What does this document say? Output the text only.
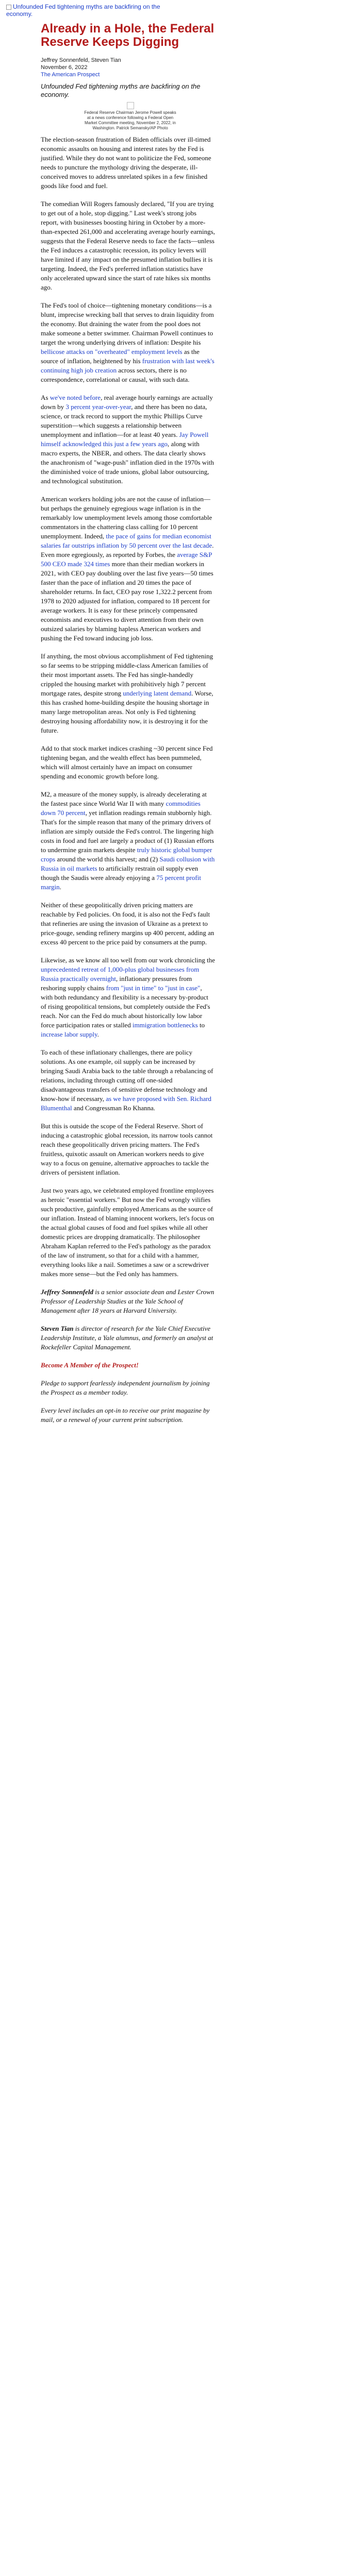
Unfounded Fed tightening myths are backfiring on the economy.
Already in a Hole, the Federal Reserve Keeps Digging
Jeffrey Sonnenfeld, Steven Tian
November 6, 2022
The American Prospect
Unfounded Fed tightening myths are backfiring on the economy.
Federal Reserve Chairman Jerome Powell speaks at a news conference following a Federal Open Market Committee meeting, November 2, 2022, in Washington. Patrick Semansky/AP Photo

The election-season frustration of Biden officials over ill-timed economic assaults on housing and interest rates by the Fed is justified. While they do not want to politicize the Fed, someone needs to puncture the mythology driving the desperate, ill-conceived moves to address unrelated spikes in a few finished goods like food and fuel.

The comedian Will Rogers famously declared, "If you are trying to get out of a hole, stop digging." Last week's strong jobs report, with businesses boosting hiring in October by a more-than-expected 261,000 and accelerating average hourly earnings, suggests that the Federal Reserve needs to face the facts—unless the Fed induces a catastrophic recession, its policy levers will have limited if any impact on the presumed inflation bullies it is targeting. Indeed, the Fed's preferred inflation statistics have only accelerated upward since the start of rate hikes six months ago.

The Fed's tool of choice—tightening monetary conditions—is a blunt, imprecise wrecking ball that serves to drain liquidity from the economy. But draining the water from the pool does not make someone a better swimmer. Chairman Powell continues to target the wrong underlying drivers of inflation: Despite his bellicose attacks on "overheated" employment levels as the source of inflation, heightened by his frustration with last week's continuing high job creation across sectors, there is no correspondence, correlational or causal, with such data.

As we've noted before, real average hourly earnings are actually down by 3 percent year-over-year, and there has been no data, science, or track record to support the mythic Phillips Curve superstition—which suggests a relationship between unemployment and inflation—for at least 40 years. Jay Powell himself acknowledged this just a few years ago, along with macro experts, the NBER, and others. The data clearly shows the anachronism of "wage-push" inflation died in the 1970s with the diminished voice of trade unions, global labor outsourcing, and technological substitution.

American workers holding jobs are not the cause of inflation—but perhaps the genuinely egregious wage inflation is in the remarkably low unemployment levels among those comfortable commentators in the chattering class calling for 10 percent unemployment. Indeed, the pace of gains for median economist salaries far outstrips inflation by 50 percent over the last decade. Even more egregiously, as reported by Forbes, the average S&P 500 CEO made 324 times more than their median workers in 2021, with CEO pay doubling over the last five years—50 times faster than the pace of inflation and 20 times the pace of shareholder returns. In fact, CEO pay rose 1,322.2 percent from 1978 to 2020 adjusted for inflation, compared to 18 percent for average workers. It is easy for these princely compensated economists and executives to divert attention from their own outsized salaries by blaming hapless American workers and pushing the Fed toward inducing job loss.

If anything, the most obvious accomplishment of Fed tightening so far seems to be stripping middle-class American families of their most important assets. The Fed has single-handedly crippled the housing market with prohibitively high 7 percent mortgage rates, despite strong underlying latent demand. Worse, this has crashed home-building despite the housing shortage in many large metropolitan areas. Not only is Fed tightening destroying housing affordability now, it is destroying it for the future.

Add to that stock market indices crashing ~30 percent since Fed tightening began, and the wealth effect has been pummeled, which will almost certainly have an impact on consumer spending and economic growth before long.

M2, a measure of the money supply, is already decelerating at the fastest pace since World War II with many commodities down 70 percent, yet inflation readings remain stubbornly high. That's for the simple reason that many of the primary drivers of inflation are simply outside the Fed's control. The lingering high costs in food and fuel are largely a product of (1) Russian efforts to undermine grain markets despite truly historic global bumper crops around the world this harvest; and (2) Saudi collusion with Russia in oil markets to artificially restrain oil supply even though the Saudis were already enjoying a 75 percent profit margin.

Neither of these geopolitically driven pricing matters are reachable by Fed policies. On food, it is also not the Fed's fault that refineries are using the invasion of Ukraine as a pretext to price-gouge, sending refinery margins up 400 percent, adding an excess 40 percent to the price paid by consumers at the pump.

Likewise, as we know all too well from our work chronicling the unprecedented retreat of 1,000-plus global businesses from Russia practically overnight, inflationary pressures from reshoring supply chains from "just in time" to "just in case", with both redundancy and flexibility is a necessary by-product of rising geopolitical tensions, but completely outside the Fed's reach. Nor can the Fed do much about historically low labor force participation rates or stalled immigration bottlenecks to increase labor supply.

To each of these inflationary challenges, there are policy solutions. As one example, oil supply can be increased by bringing Saudi Arabia back to the table through a rebalancing of relations, including through cutting off one-sided disadvantageous transfers of sensitive defense technology and know-how if necessary, as we have proposed with Sen. Richard Blumenthal and Congressman Ro Khanna.

But this is outside the scope of the Federal Reserve. Short of inducing a catastrophic global recession, its narrow tools cannot reach these geopolitically driven pricing matters. The Fed's fruitless, quixotic assault on American workers needs to give way to a focus on genuine, alternative approaches to tackle the drivers of persistent inflation.

Just two years ago, we celebrated employed frontline employees as heroic "essential workers." But now the Fed wrongly vilifies such productive, gainfully employed Americans as the source of our inflation. Instead of blaming innocent workers, let's focus on the actual global causes of food and fuel spikes while all other domestic prices are dropping dramatically. The philosopher Abraham Kaplan referred to the Fed's pathology as the paradox of the law of instrument, so that for a child with a hammer, everything looks like a nail. Sometimes a saw or a screwdriver makes more sense—but the Fed only has hammers.

Jeffrey Sonnenfeld is a senior associate dean and Lester Crown Professor of Leadership Studies at the Yale School of Management after 18 years at Harvard University.

Steven Tian is director of research for the Yale Chief Executive Leadership Institute, a Yale alumnus, and formerly an analyst at Rockefeller Capital Management.

Become A Member of the Prospect!

Pledge to support fearlessly independent journalism by joining the Prospect as a member today.

Every level includes an opt-in to receive our print magazine by mail, or a renewal of your current print subscription.
